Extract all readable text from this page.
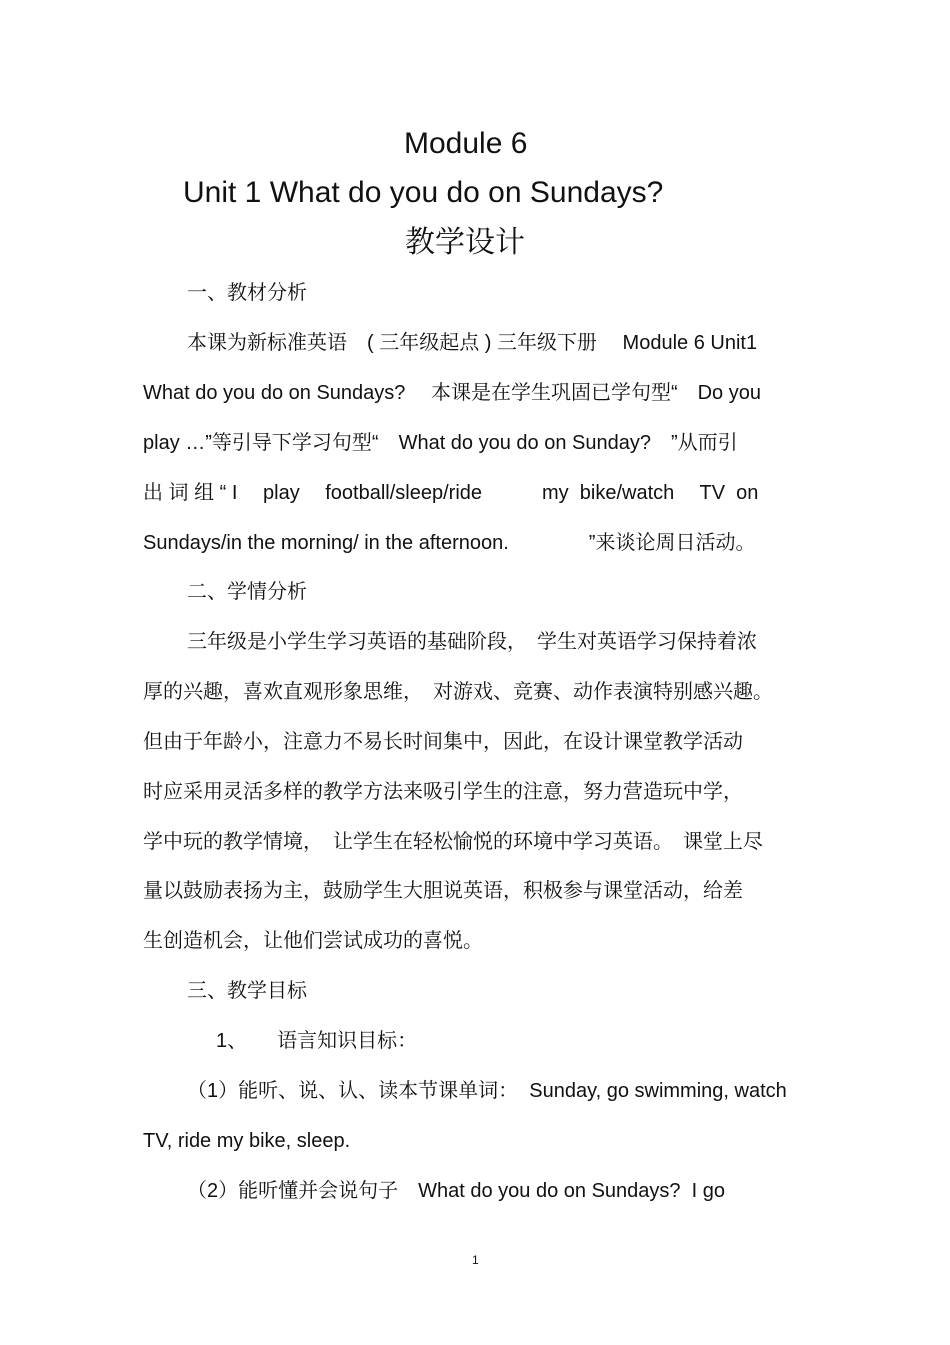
Module 6
Unit 1 What do you do on Sundays?
教学设计
一、教材分析
本课为新标准英语　( 三年级起点 ) 三年级下册　 Module 6 Unit1
What do you do on Sundays?　 本课是在学生巩固已学句型“　Do you
play …”等引导下学习句型“　What do you do on Sunday?　”从而引
出 词 组 “ I　 play　 football/sleep/ride　　　my  bike/watch　 TV  on
Sundays/in the morning/ in the afternoon.　　　　”来谈论周日活动。
二、学情分析
三年级是小学生学习英语的基础阶段，　学生对英语学习保持着浓
厚的兴趣，喜欢直观形象思维，　对游戏、竞赛、动作表演特别感兴趣。
但由于年龄小，注意力不易长时间集中，因此，在设计课堂教学活动
时应采用灵活多样的教学方法来吸引学生的注意，努力营造玩中学，
学中玩的教学情境，　让学生在轻松愉悦的环境中学习英语。　课堂上尽
量以鼓励表扬为主，鼓励学生大胆说英语，积极参与课堂活动，给差
生创造机会，让他们尝试成功的喜悦。
三、教学目标
1、　　语言知识目标：
（1）能听、说、认、读本节课单词：  Sunday, go swimming, watch
TV, ride my bike, sleep.
（2）能听懂并会说句子　What do you do on Sundays?  I go
1
